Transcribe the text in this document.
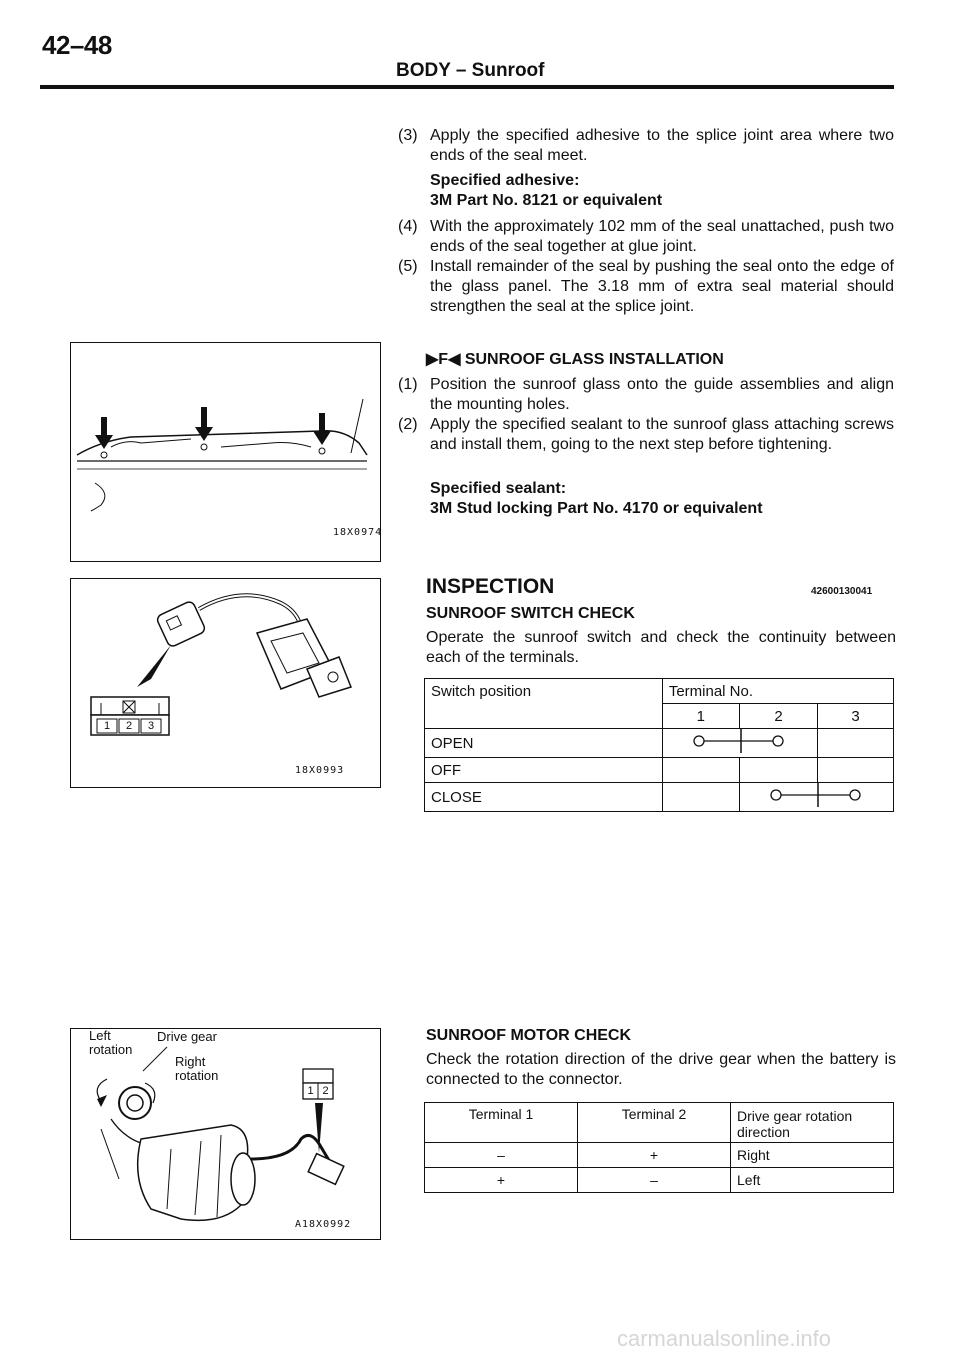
42–48
BODY – Sunroof
(3) Apply the specified adhesive to the splice joint area where two ends of the seal meet.
Specified adhesive:
3M Part No. 8121 or equivalent
(4) With the approximately 102 mm of the seal unattached, push two ends of the seal together at glue joint.
(5) Install remainder of the seal by pushing the seal onto the edge of the glass panel. The 3.18 mm of extra seal material should strengthen the seal at the splice joint.
▶F◀ SUNROOF GLASS INSTALLATION
(1) Position the sunroof glass onto the guide assemblies and align the mounting holes.
(2) Apply the specified sealant to the sunroof glass attaching screws and install them, going to the next step before tightening.
Specified sealant:
3M Stud locking Part No. 4170 or equivalent
INSPECTION	42600130041
SUNROOF SWITCH CHECK
Operate the sunroof switch and check the continuity between each of the terminals.
Switch position	Terminal No.		
	1	2	3
OPEN		
OFF			
CLOSE		
SUNROOF MOTOR CHECK
Check the rotation direction of the drive gear when the battery is connected to the connector.
Terminal 1	Terminal 2	Drive gear rotation direction
–	+	Right
+	–	Left
18X0974
1	2	3
18X0993
Left rotation
Drive gear
Right rotation
1 2
A18X0992
carmanualsonline.info
